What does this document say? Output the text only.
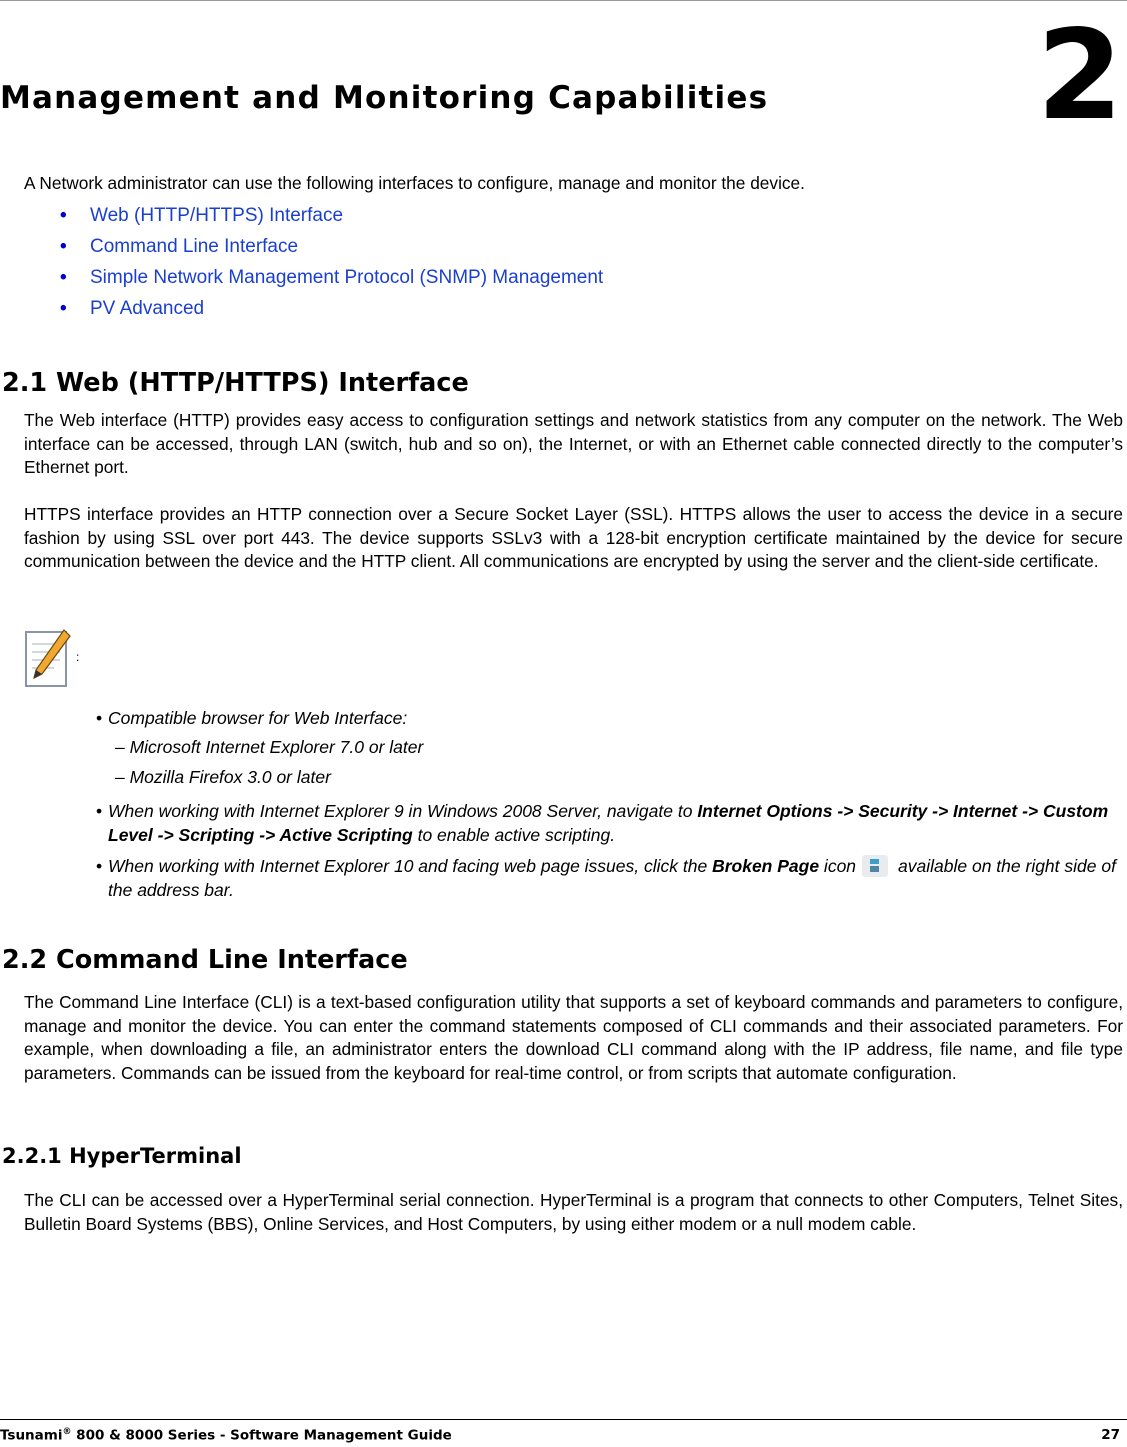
2
Management and Monitoring Capabilities

A Network administrator can use the following interfaces to configure, manage and monitor the device.

•	Web (HTTP/HTTPS) Interface
•	Command Line Interface
•	Simple Network Management Protocol (SNMP) Management
•	PV Advanced
2.1 Web (HTTP/HTTPS) Interface

The Web interface (HTTP) provides easy access to configuration settings and network statistics from any computer on the network. The Web interface can be accessed, through LAN (switch, hub and so on), the Internet, or with an Ethernet cable connected directly to the computer’s Ethernet port.

HTTPS interface provides an HTTP connection over a Secure Socket Layer (SSL). HTTPS allows the user to access the device in a secure fashion by using SSL over port 443. The device supports SSLv3 with a 128-bit encryption certificate maintained by the device for secure communication between the device and the HTTP client. All communications are encrypted by using the server and the client-side certificate.

:
• Compatible browser for Web Interface:
– Microsoft Internet Explorer 7.0 or later
– Mozilla Firefox 3.0 or later
• When working with Internet Explorer 9 in Windows 2008 Server, navigate to Internet Options -> Security -> Internet -> Custom Level -> Scripting -> Active Scripting to enable active scripting.
• When working with Internet Explorer 10 and facing web page issues, click the Broken Page icon available on the right side of the address bar.
2.2 Command Line Interface

The Command Line Interface (CLI) is a text-based configuration utility that supports a set of keyboard commands and parameters to configure, manage and monitor the device. You can enter the command statements composed of CLI commands and their associated parameters. For example, when downloading a file, an administrator enters the download CLI command along with the IP address, file name, and file type parameters. Commands can be issued from the keyboard for real-time control, or from scripts that automate configuration.

2.2.1 HyperTerminal

The CLI can be accessed over a HyperTerminal serial connection. HyperTerminal is a program that connects to other Computers, Telnet Sites, Bulletin Board Systems (BBS), Online Services, and Host Computers, by using either modem or a null modem cable.

Tsunami® 800 & 8000 Series - Software Management Guide	27
